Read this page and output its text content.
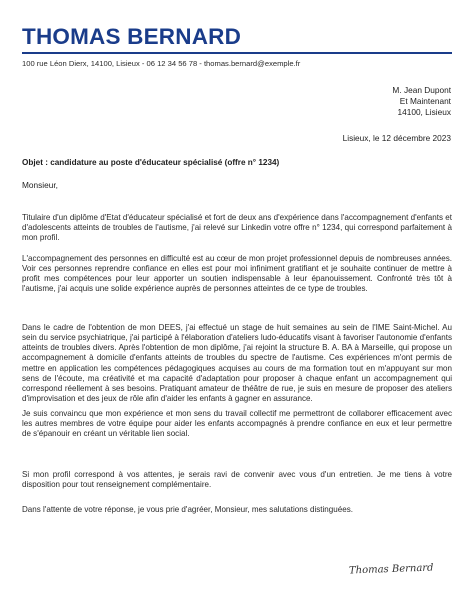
THOMAS BERNARD
100 rue Léon Dierx, 14100, Lisieux - 06 12 34 56 78 - thomas.bernard@exemple.fr
M. Jean Dupont
Et Maintenant
14100, Lisieux
Lisieux, le 12 décembre 2023
Objet : candidature au poste d'éducateur spécialisé (offre n° 1234)
Monsieur,
Titulaire d'un diplôme d'Etat d'éducateur spécialisé et fort de deux ans d'expérience dans l'accompagnement d'enfants et d'adolescents atteints de troubles de l'autisme, j'ai relevé sur Linkedin votre offre n° 1234, qui correspond parfaitement à mon profil.
L'accompagnement des personnes en difficulté est au cœur de mon projet professionnel depuis de nombreuses années. Voir ces personnes reprendre confiance en elles est pour moi infiniment gratifiant et je souhaite continuer de mettre à profit mes compétences pour leur apporter un soutien indispensable à leur épanouissement. Confronté très tôt à l'autisme, j'ai acquis une solide expérience auprès de personnes atteintes de ce type de troubles.
Dans le cadre de l'obtention de mon DEES, j'ai effectué un stage de huit semaines au sein de l'IME Saint-Michel. Au sein du service psychiatrique, j'ai participé à l'élaboration d'ateliers ludo-éducatifs visant à favoriser l'autonomie d'enfants atteints de troubles divers. Après l'obtention de mon diplôme, j'ai rejoint la structure B. A. BA à Marseille, qui propose un accompagnement à domicile d'enfants atteints de troubles du spectre de l'autisme. Ces expériences m'ont permis de mettre en application les compétences pédagogiques acquises au cours de ma formation tout en m'appuyant sur mon sens de l'écoute, ma créativité et ma capacité d'adaptation pour proposer à chaque enfant un accompagnement qui correspond réellement à ses besoins. Pratiquant amateur de théâtre de rue, je suis en mesure de proposer des ateliers d'improvisation et des jeux de rôle afin d'aider les enfants à gagner en assurance.
Je suis convaincu que mon expérience et mon sens du travail collectif me permettront de collaborer efficacement avec les autres membres de votre équipe pour aider les enfants accompagnés à prendre confiance en eux et leur permettre de s'épanouir en créant un véritable lien social.
Si mon profil correspond à vos attentes, je serais ravi de convenir avec vous d'un entretien. Je me tiens à votre disposition pour tout renseignement complémentaire.
Dans l'attente de votre réponse, je vous prie d'agréer, Monsieur, mes salutations distinguées.
Thomas Bernard
